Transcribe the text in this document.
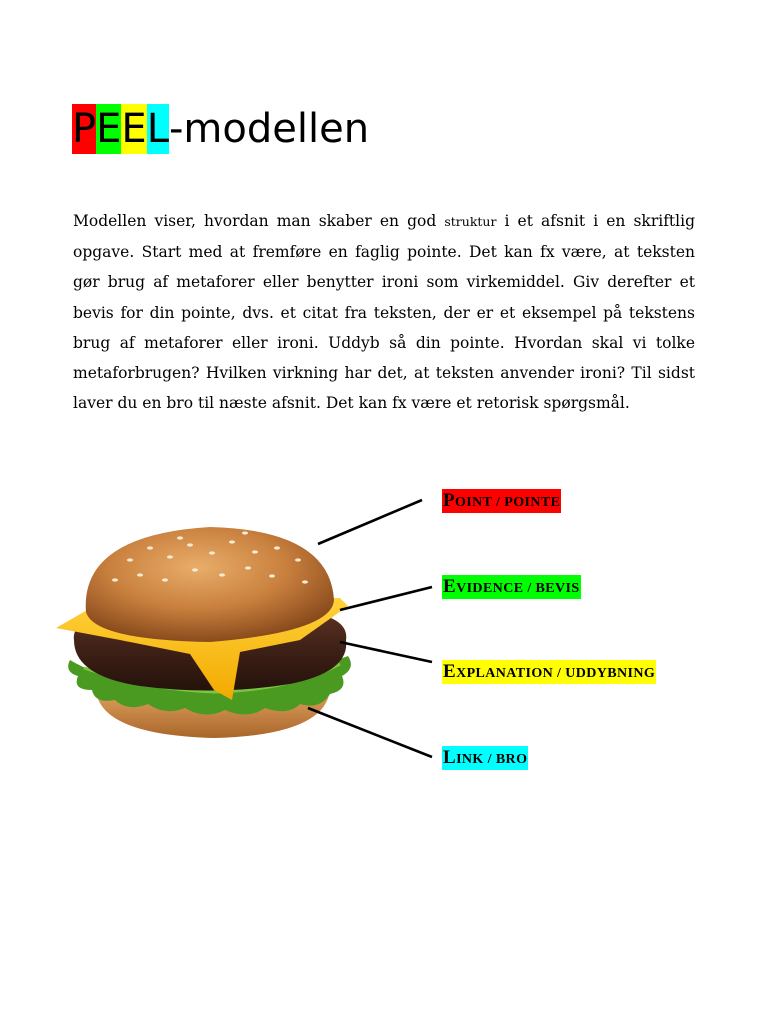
PEEL-modellen
Modellen viser, hvordan man skaber en god struktur i et afsnit i en skriftlig opgave. Start med at fremføre en faglig pointe. Det kan fx være, at teksten gør brug af metaforer eller benytter ironi som virkemiddel. Giv derefter et bevis for din pointe, dvs. et citat fra teksten, der er et eksempel på tekstens brug af metaforer eller ironi. Uddyb så din pointe. Hvordan skal vi tolke metaforbrugen? Hvilken virkning har det, at teksten anvender ironi? Til sidst laver du en bro til næste afsnit. Det kan fx være et retorisk spørgsmål.
POINT / POINTE
EVIDENCE / BEVIS
EXPLANATION / UDDYBNING
LINK / BRO
